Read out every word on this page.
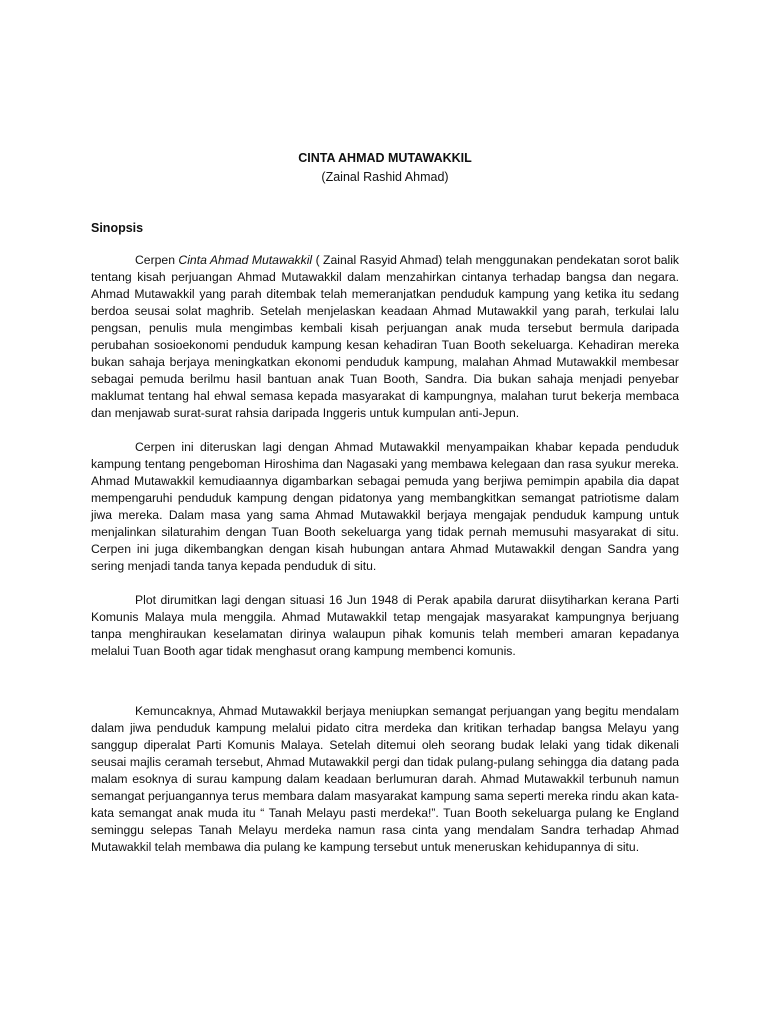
CINTA AHMAD MUTAWAKKIL

(Zainal Rashid Ahmad)

Sinopsis

Cerpen Cinta Ahmad Mutawakkil ( Zainal Rasyid Ahmad) telah menggunakan pendekatan sorot balik tentang kisah perjuangan Ahmad Mutawakkil dalam menzahirkan cintanya terhadap bangsa dan negara. Ahmad Mutawakkil yang parah ditembak telah memeranjatkan penduduk kampung yang ketika itu sedang berdoa seusai solat maghrib. Setelah menjelaskan keadaan Ahmad Mutawakkil yang parah, terkulai lalu pengsan, penulis mula mengimbas kembali kisah perjuangan anak muda tersebut bermula daripada perubahan sosioekonomi penduduk kampung kesan kehadiran Tuan Booth sekeluarga. Kehadiran mereka bukan sahaja berjaya meningkatkan ekonomi penduduk kampung, malahan Ahmad Mutawakkil membesar sebagai pemuda berilmu hasil bantuan anak Tuan Booth, Sandra. Dia bukan sahaja menjadi penyebar maklumat tentang hal ehwal semasa kepada masyarakat di kampungnya, malahan turut bekerja membaca dan menjawab surat-surat rahsia daripada Inggeris untuk kumpulan anti-Jepun.

Cerpen ini diteruskan lagi dengan Ahmad Mutawakkil menyampaikan khabar kepada penduduk kampung tentang pengeboman Hiroshima dan Nagasaki yang membawa kelegaan dan rasa syukur mereka. Ahmad Mutawakkil kemudiaannya digambarkan sebagai pemuda yang berjiwa pemimpin apabila dia dapat mempengaruhi penduduk kampung dengan pidatonya yang membangkitkan semangat patriotisme dalam jiwa mereka. Dalam masa yang sama Ahmad Mutawakkil berjaya mengajak penduduk kampung untuk menjalinkan silaturahim dengan Tuan Booth sekeluarga yang tidak pernah memusuhi masyarakat di situ. Cerpen ini juga dikembangkan dengan kisah hubungan antara Ahmad Mutawakkil dengan Sandra yang sering menjadi tanda tanya kepada penduduk di situ.

Plot dirumitkan lagi dengan situasi 16 Jun 1948 di Perak apabila darurat diisytiharkan kerana Parti Komunis Malaya mula menggila. Ahmad Mutawakkil tetap mengajak masyarakat kampungnya berjuang tanpa menghiraukan keselamatan dirinya walaupun pihak komunis telah memberi amaran kepadanya melalui Tuan Booth agar tidak menghasut orang kampung membenci komunis.

Kemuncaknya, Ahmad Mutawakkil berjaya meniupkan semangat perjuangan yang begitu mendalam dalam jiwa penduduk kampung melalui pidato citra merdeka dan kritikan terhadap bangsa Melayu yang sanggup diperalat Parti Komunis Malaya. Setelah ditemui oleh seorang budak lelaki yang tidak dikenali seusai majlis ceramah tersebut, Ahmad Mutawakkil pergi dan tidak pulang-pulang sehingga dia datang pada malam esoknya di surau kampung dalam keadaan berlumuran darah. Ahmad Mutawakkil terbunuh namun semangat perjuangannya terus membara dalam masyarakat kampung sama seperti mereka rindu akan kata-kata semangat anak muda itu “ Tanah Melayu pasti merdeka!”. Tuan Booth sekeluarga pulang ke England seminggu selepas Tanah Melayu merdeka namun rasa cinta yang mendalam Sandra terhadap Ahmad Mutawakkil telah membawa dia pulang ke kampung tersebut untuk meneruskan kehidupannya di situ.
